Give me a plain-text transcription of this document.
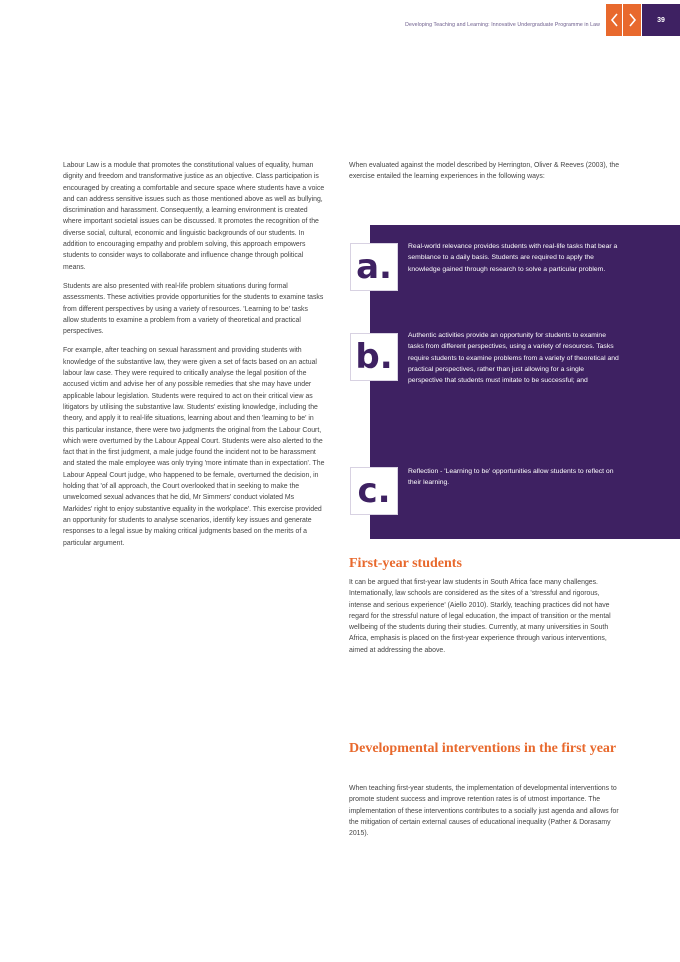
Developing Teaching and Learning: Innovative Undergraduate Programme in Law
39

Labour Law is a module that promotes the constitutional values of equality, human dignity and freedom and transformative justice as an objective. Class participation is encouraged by creating a comfortable and secure space where students have a voice and can address sensitive issues such as those mentioned above as well as bullying, discrimination and harassment. Consequently, a learning environment is created where important societal issues can be discussed. It promotes the recognition of the diverse social, cultural, economic and linguistic backgrounds of our students. In addition to encouraging empathy and problem solving, this approach empowers students to consider ways to collaborate and influence change through political means.

Students are also presented with real-life problem situations during formal assessments. These activities provide opportunities for the students to examine tasks from different perspectives by using a variety of resources. 'Learning to be' tasks allow students to examine a problem from a variety of theoretical and practical perspectives.

For example, after teaching on sexual harassment and providing students with knowledge of the substantive law, they were given a set of facts based on an actual labour law case. They were required to critically analyse the legal position of the accused victim and advise her of any possible remedies that she may have under applicable labour legislation. Students were required to act on their critical view as litigators by utilising the substantive law. Students' existing knowledge, including the theory, and apply it to real-life situations, learning about and then 'learning to be' in this particular instance, there were two judgments the original from the Labour Court, which were overturned by the Labour Appeal Court. Students were also alerted to the fact that in the first judgment, a male judge found the incident not to be harassment and stated the male employee was only trying 'more intimate than in expectation'. The Labour Appeal Court judge, who happened to be female, overturned the decision, in holding that 'of all approach, the Court overlooked that in seeking to make the unwelcomed sexual advances that he did, Mr Simmers' conduct violated Ms Markides' right to enjoy substantive equality in the workplace'. This exercise provided an opportunity for students to analyse scenarios, identify key issues and generate responses to a legal issue by making critical judgments based on the merits of a particular argument.

When evaluated against the model described by Herrington, Oliver & Reeves (2003), the exercise entailed the learning experiences in the following ways:
a.
Real-world relevance provides students with real-life tasks that bear a semblance to a daily basis. Students are required to apply the knowledge gained through research to solve a particular problem.
b.
Authentic activities provide an opportunity for students to examine tasks from different perspectives, using a variety of resources. Tasks require students to examine problems from a variety of theoretical and practical perspectives, rather than just allowing for a single perspective that students must imitate to be successful; and
c.	Reflection - 'Learning to be' opportunities allow students to reflect on their learning.
First-year students

It can be argued that first-year law students in South Africa face many challenges. Internationally, law schools are considered as the sites of a 'stressful and rigorous, intense and serious experience' (Aiello 2010). Starkly, teaching practices did not have regard for the stressful nature of legal education, the impact of transition or the mental wellbeing of the students during their studies. Currently, at many universities in South Africa, emphasis is placed on the first-year experience through various interventions, aimed at addressing the above.

Developmental interventions in the first year

When teaching first-year students, the implementation of developmental interventions to promote student success and improve retention rates is of utmost importance. The implementation of these interventions contributes to a socially just agenda and allows for the mitigation of certain external causes of educational inequality (Pather & Dorasamy 2015).
